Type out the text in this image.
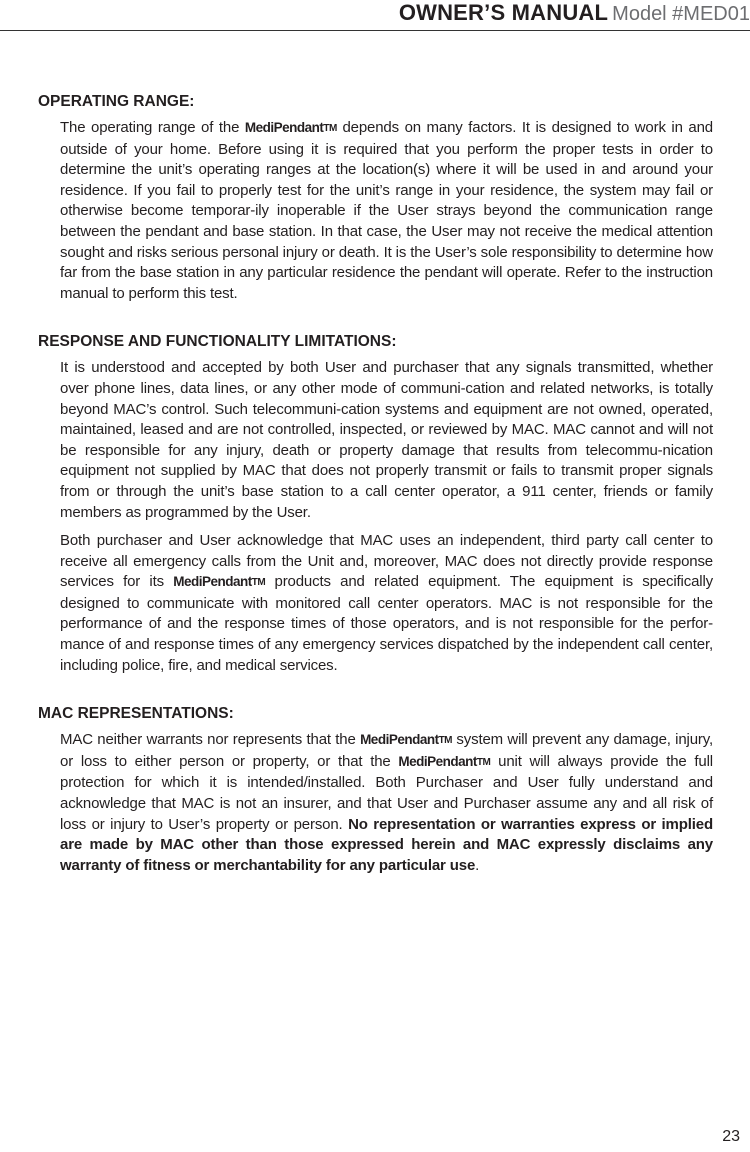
OWNER’S MANUAL Model #MED01
OPERATING RANGE:

The operating range of the MediPendantTM depends on many factors. It is designed to work in and outside of your home. Before using it is required that you perform the proper tests in order to determine the unit’s operating ranges at the location(s) where it will be used in and around your residence. If you fail to properly test for the unit’s range in your residence, the system may fail or otherwise become temporar-ily inoperable if the User strays beyond the communication range between the pendant and base station. In that case, the User may not receive the medical attention sought and risks serious personal injury or death. It is the User’s sole responsibility to determine how far from the base station in any particular residence the pendant will operate. Refer to the instruction manual to perform this test.

RESPONSE AND FUNCTIONALITY LIMITATIONS:

It is understood and accepted by both User and purchaser that any signals transmitted, whether over phone lines, data lines, or any other mode of communi-cation and related networks, is totally beyond MAC’s control. Such telecommuni-cation systems and equipment are not owned, operated, maintained, leased and are not controlled, inspected, or reviewed by MAC. MAC cannot and will not be responsible for any injury, death or property damage that results from telecommu-nication equipment not supplied by MAC that does not properly transmit or fails to transmit proper signals from or through the unit’s base station to a call center operator, a 911 center, friends or family members as programmed by the User.

Both purchaser and User acknowledge that MAC uses an independent, third party call center to receive all emergency calls from the Unit and, moreover, MAC does not directly provide response services for its MediPendantTM products and related equipment. The equipment is specifically designed to communicate with monitored call center operators. MAC is not responsible for the performance of and the response times of those operators, and is not responsible for the perfor-mance of and response times of any emergency services dispatched by the independent call center, including police, fire, and medical services.

MAC REPRESENTATIONS:

MAC neither warrants nor represents that the MediPendantTM system will prevent any damage, injury, or loss to either person or property, or that the MediPendantTM unit will always provide the full protection for which it is intended/installed. Both Purchaser and User fully understand and acknowledge that MAC is not an insurer, and that User and Purchaser assume any and all risk of loss or injury to User’s property or person. No representation or warranties express or implied are made by MAC other than those expressed herein and MAC expressly disclaims any warranty of fitness or merchantability for any particular use.

23
